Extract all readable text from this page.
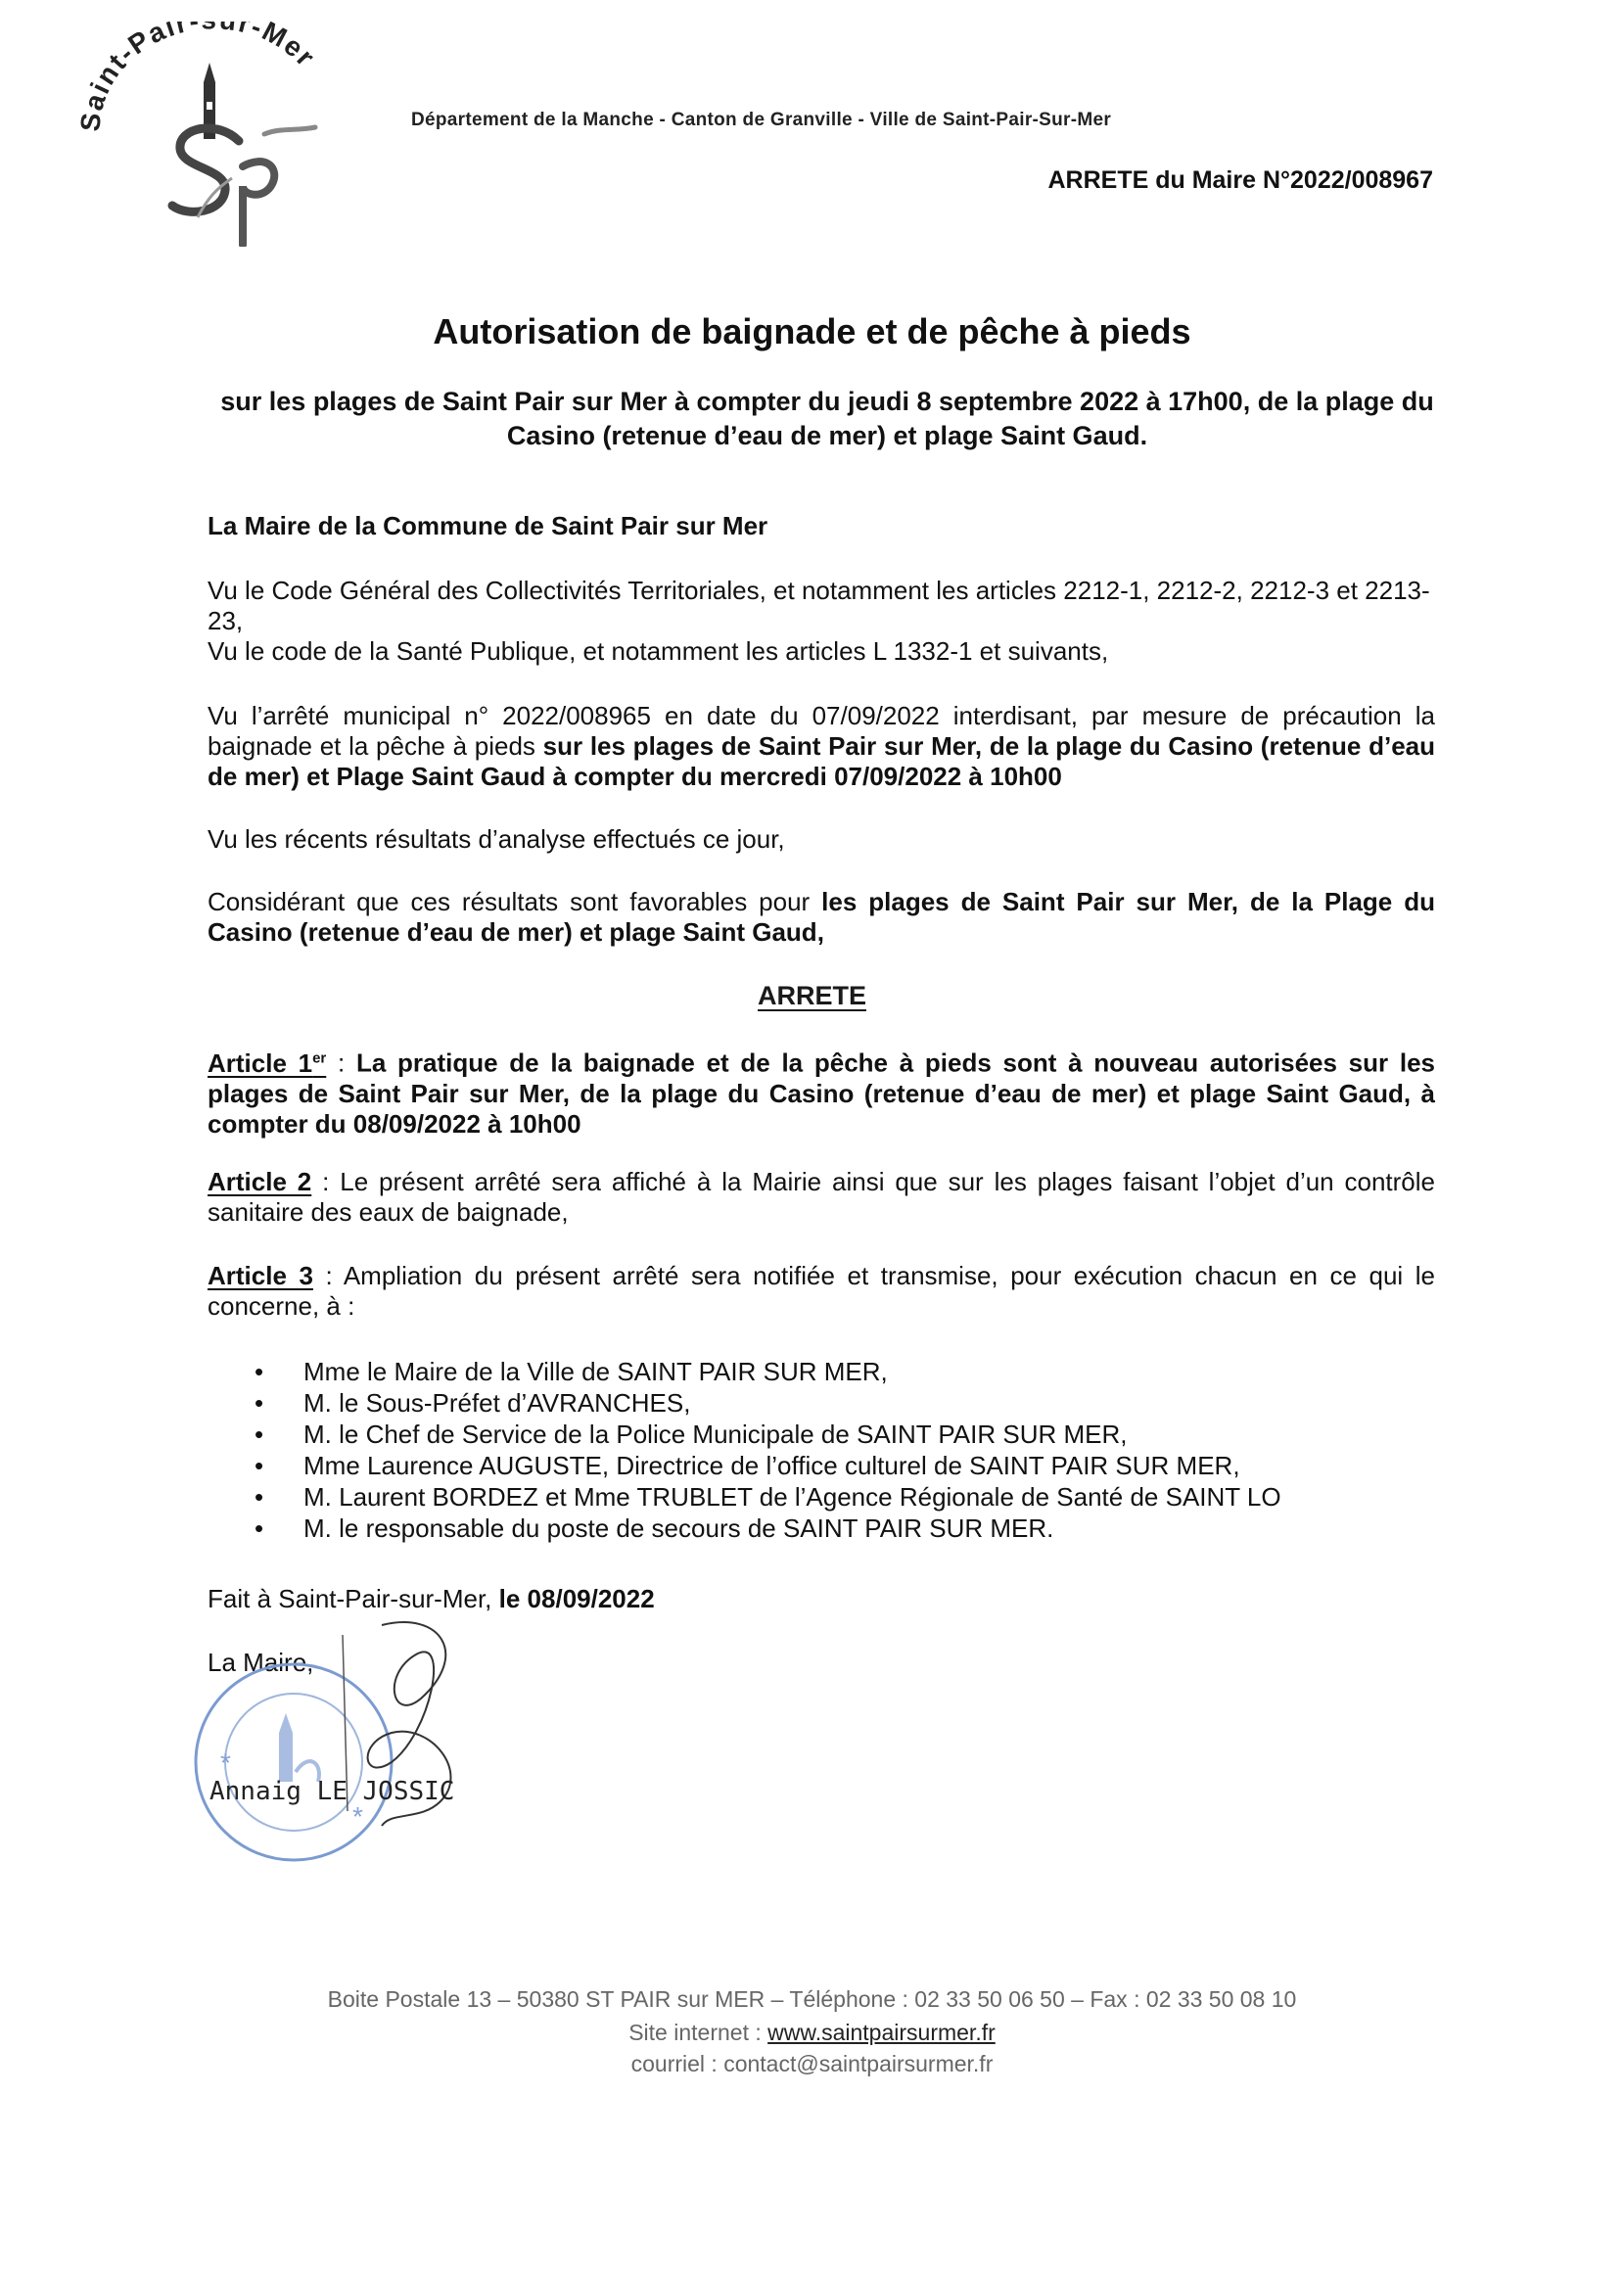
Saint-Pair r-Mer
Département de la Manche - Canton de Granville - Ville de Saint-Pair-Sur-Mer
ARRETE du Maire N°2022/008967
Autorisation de baignade et de pêche à pieds
sur les plages de Saint Pair sur Mer à compter du jeudi 8 septembre 2022 à 17h00, de la plage du Casino (retenue d’eau de mer) et plage Saint Gaud.
La Maire de la Commune de Saint Pair sur Mer
Vu le Code Général des Collectivités Territoriales, et notamment les articles 2212-1, 2212-2, 2212-3 et 2213-23,
Vu le code de la Santé Publique, et notamment les articles L 1332-1 et suivants,
Vu l’arrêté municipal n° 2022/008965 en date du 07/09/2022 interdisant, par mesure de précaution la baignade et la pêche à pieds sur les plages de Saint Pair sur Mer, de la plage du Casino (retenue d’eau de mer) et Plage Saint Gaud à compter du mercredi 07/09/2022 à 10h00
Vu les récents résultats d’analyse effectués ce jour,
Considérant que ces résultats sont favorables pour les plages de Saint Pair sur Mer, de la Plage du Casino (retenue d’eau de mer) et plage Saint Gaud,
ARRETE
Article 1er : La pratique de la baignade et de la pêche à pieds sont à nouveau autorisées sur les plages de Saint Pair sur Mer, de la plage du Casino (retenue d’eau de mer) et plage Saint Gaud, à compter du 08/09/2022 à 10h00
Article 2 : Le présent arrêté sera affiché à la Mairie ainsi que sur les plages faisant l’objet d’un contrôle sanitaire des eaux de baignade,
Article 3 : Ampliation du présent arrêté sera notifiée et transmise, pour exécution chacun en ce qui le concerne, à :
• Mme le Maire de la Ville de SAINT PAIR SUR MER,
• M. le Sous-Préfet d’AVRANCHES,
• M. le Chef de Service de la Police Municipale de SAINT PAIR SUR MER,
• Mme Laurence AUGUSTE, Directrice de l’office culturel de SAINT PAIR SUR MER,
• M. Laurent BORDEZ et Mme TRUBLET de l’Agence Régionale de Santé de SAINT LO
• M. le responsable du poste de secours de SAINT PAIR SUR MER.
Fait à Saint-Pair-sur-Mer, le 08/09/2022
La Maire,
*
*
Annaig LE JOSSIC
Boite Postale 13 – 50380 ST PAIR sur MER – Téléphone : 02 33 50 06 50 – Fax : 02 33 50 08 10
Site internet : www.saintpairsurmer.fr
courriel : contact@saintpairsurmer.fr
